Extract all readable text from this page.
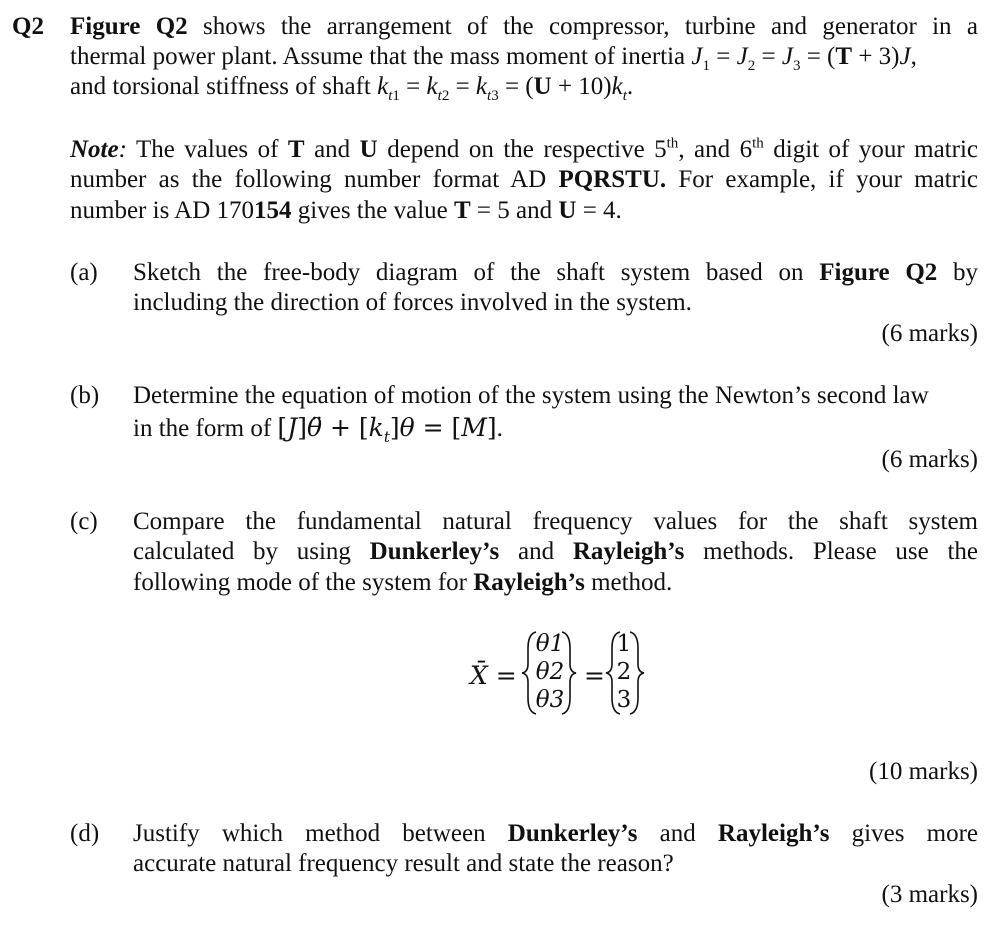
Q2 Figure Q2 shows the arrangement of the compressor, turbine and generator in a
thermal power plant. Assume that the mass moment of inertia $J_1 = J_2 = J_3 = (T + 3)J$,
and torsional stiffness of shaft $k_{t1} = k_{t2} = k_{t3} = (U + 10)k_t$.
Note: The values of T and U depend on the respective 5th, and 6th digit of your matric
number as the following number format AD PQRSTU. For example, if your matric
number is AD 170154 gives the value T = 5 and U = 4.
(a) Sketch the free-body diagram of the shaft system based on Figure Q2 by
including the direction of forces involved in the system.
(6 marks)
(b) Determine the equation of motion of the system using the Newton’s second law
in the form of [J]θ̈ + $[k_t]\theta = [M]$.
(6 marks)
(c) Compare the fundamental natural frequency values for the shaft system
calculated by using Dunkerley’s and Rayleigh’s methods. Please use the
following mode of the system for Rayleigh’s method.
X̄ =
θ1
θ2
θ3
=
1
2
3
(10 marks)
(d) Justify which method between Dunkerley’s and Rayleigh’s gives more
accurate natural frequency result and state the reason?
(3 marks)
